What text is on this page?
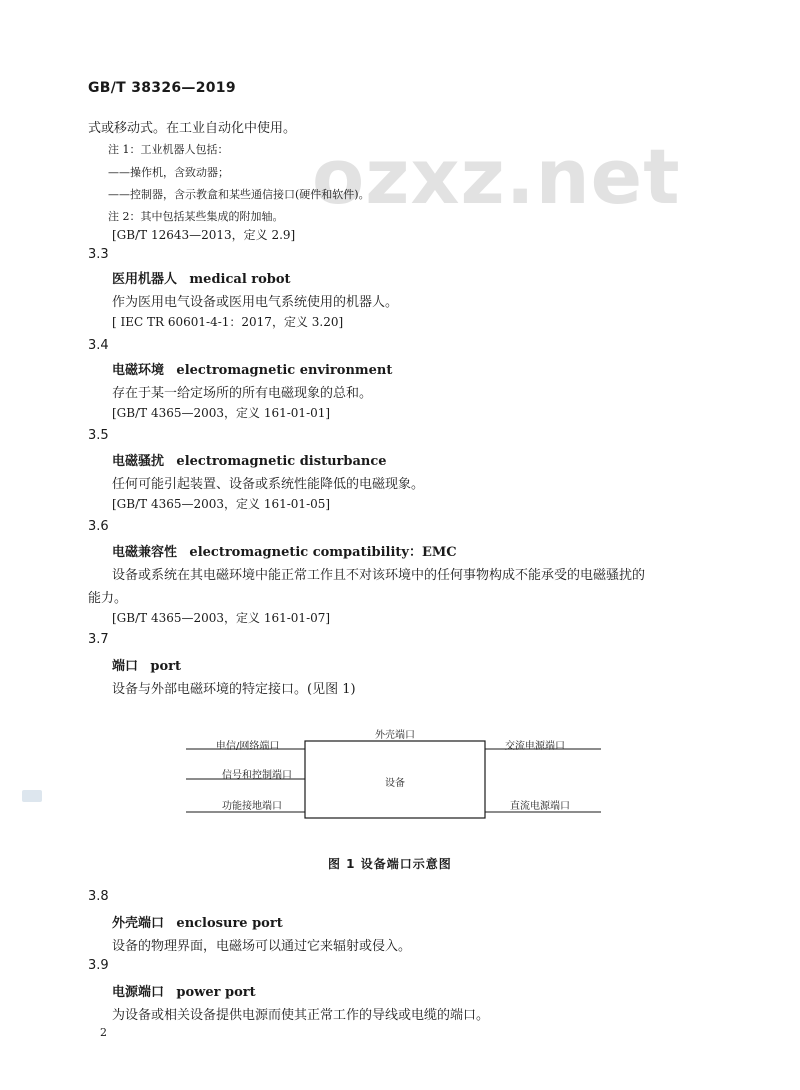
ozxz.net
GB/T 38326—2019
式或移动式。在工业自动化中使用。
注 1：工业机器人包括：
——操作机，含致动器；
——控制器，含示教盒和某些通信接口(硬件和软件)。
注 2：其中包括某些集成的附加轴。
[GB/T 12643—2013，定义 2.9]
3.3
医用机器人 medical robot
作为医用电气设备或医用电气系统使用的机器人。
[ IEC TR 60601-4-1：2017，定义 3.20]
3.4
电磁环境 electromagnetic environment
存在于某一给定场所的所有电磁现象的总和。
[GB/T 4365—2003，定义 161-01-01]
3.5
电磁骚扰 electromagnetic disturbance
任何可能引起装置、设备或系统性能降低的电磁现象。
[GB/T 4365—2003，定义 161-01-05]
3.6
电磁兼容性 electromagnetic compatibility：EMC
设备或系统在其电磁环境中能正常工作且不对该环境中的任何事物构成不能承受的电磁骚扰的
能力。
[GB/T 4365—2003，定义 161-01-07]
3.7
端口 port
设备与外部电磁环境的特定接口。(见图 1)
电信/网络端口
信号和控制端口
功能接地端口
外壳端口
设备
交流电源端口
直流电源端口
图 1 设备端口示意图
3.8
外壳端口 enclosure port
设备的物理界面，电磁场可以通过它来辐射或侵入。
3.9
电源端口 power port
为设备或相关设备提供电源而使其正常工作的导线或电缆的端口。
2
